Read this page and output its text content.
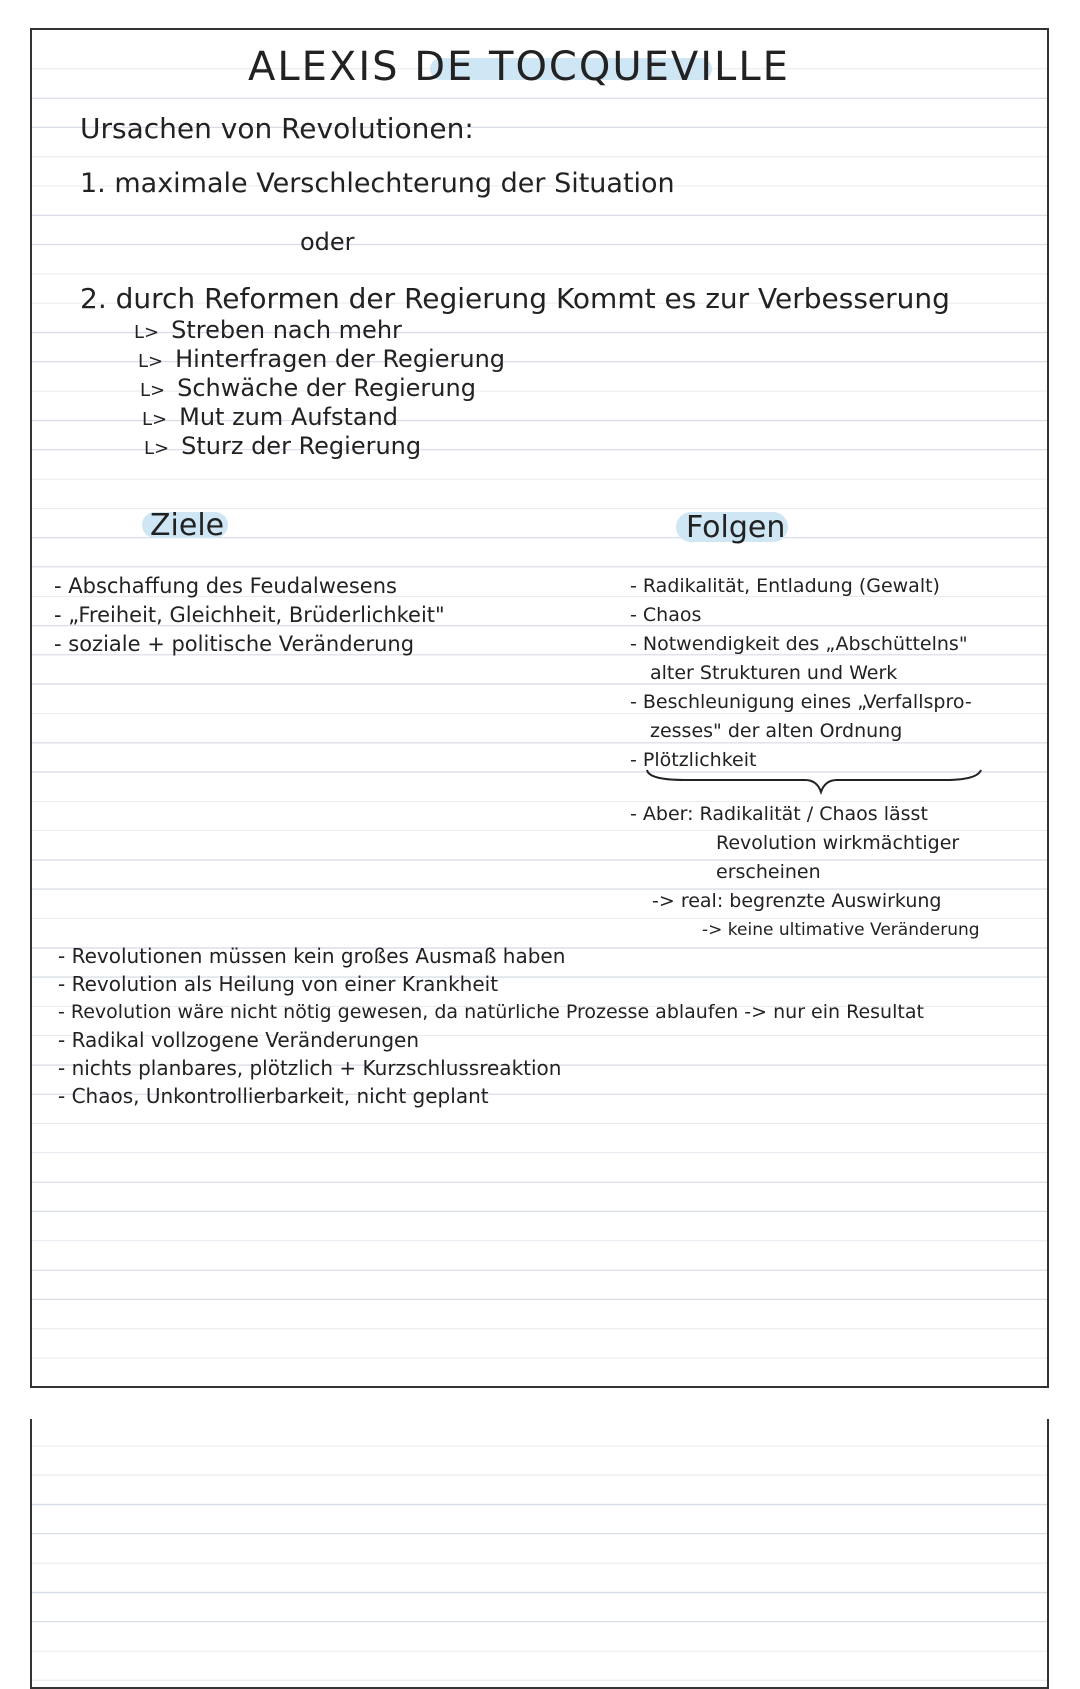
ALEXIS DE TOCQUEVILLE
Ursachen von Revolutionen:
1. maximale Verschlechterung der Situation
oder
2. durch Reformen der Regierung Kommt es zur Verbesserung
L> Streben nach mehr
L> Hinterfragen der Regierung
L> Schwäche der Regierung
L> Mut zum Aufstand
L> Sturz der Regierung
Ziele	Folgen
- Abschaffung des Feudalwesens
- „Freiheit, Gleichheit, Brüderlichkeit"
- soziale + politische Veränderung
- Radikalität, Entladung (Gewalt)
- Chaos
- Notwendigkeit des „Abschüttelns"
alter Strukturen und Werk
- Beschleunigung eines „Verfallspro-
zesses" der alten Ordnung
- Plötzlichkeit
- Aber: Radikalität / Chaos lässt
Revolution wirkmächtiger
erscheinen
-> real: begrenzte Auswirkung
-> keine ultimative Veränderung
- Revolutionen müssen kein großes Ausmaß haben
- Revolution als Heilung von einer Krankheit
- Revolution wäre nicht nötig gewesen, da natürliche Prozesse ablaufen -> nur ein Resultat
- Radikal vollzogene Veränderungen
- nichts planbares, plötzlich + Kurzschlussreaktion
- Chaos, Unkontrollierbarkeit, nicht geplant
